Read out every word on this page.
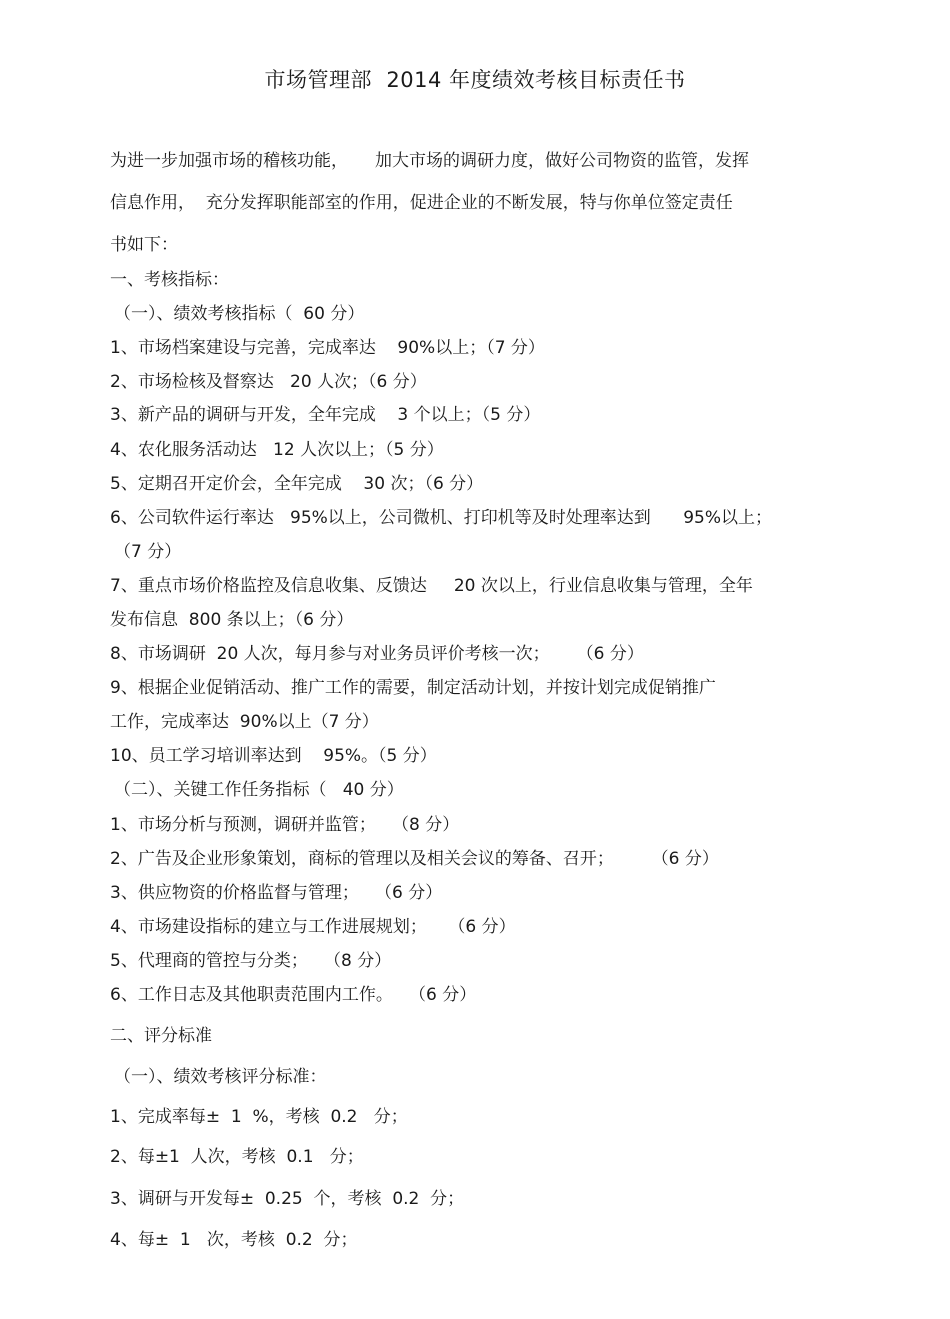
市场管理部  2014 年度绩效考核目标责任书
为进一步加强市场的稽核功能，     加大市场的调研力度，做好公司物资的监管，发挥
信息作用，  充分发挥职能部室的作用，促进企业的不断发展，特与你单位签定责任
书如下：
一、考核指标：
（一）、绩效考核指标（  60 分）
1、市场档案建设与完善，完成率达    90%以上；（7 分）
2、市场检核及督察达   20 人次；（6 分）
3、新产品的调研与开发，全年完成    3 个以上；（5 分）
4、农化服务活动达   12 人次以上；（5 分）
5、定期召开定价会，全年完成    30 次；（6 分）
6、公司软件运行率达   95%以上，公司微机、打印机等及时处理率达到      95%以上；
（7 分）
7、重点市场价格监控及信息收集、反馈达     20 次以上，行业信息收集与管理，全年
发布信息  800 条以上；（6 分）
8、市场调研  20 人次，每月参与对业务员评价考核一次；     （6 分）
9、根据企业促销活动、推广工作的需要，制定活动计划，并按计划完成促销推广
工作，完成率达  90%以上（7 分）
10、员工学习培训率达到    95%。（5 分）
（二）、关键工作任务指标（   40 分）
1、市场分析与预测，调研并监管；   （8 分）
2、广告及企业形象策划，商标的管理以及相关会议的筹备、召开；       （6 分）
3、供应物资的价格监督与管理；   （6 分）
4、市场建设指标的建立与工作进展规划；    （6 分）
5、代理商的管控与分类；   （8 分）
6、工作日志及其他职责范围内工作。   （6 分）
二、评分标准
（一）、绩效考核评分标准：
1、完成率每±  1  %，考核  0.2   分；
2、每±1  人次，考核  0.1   分；
3、调研与开发每±  0.25  个，考核  0.2  分；
4、每±  1   次，考核  0.2  分；
